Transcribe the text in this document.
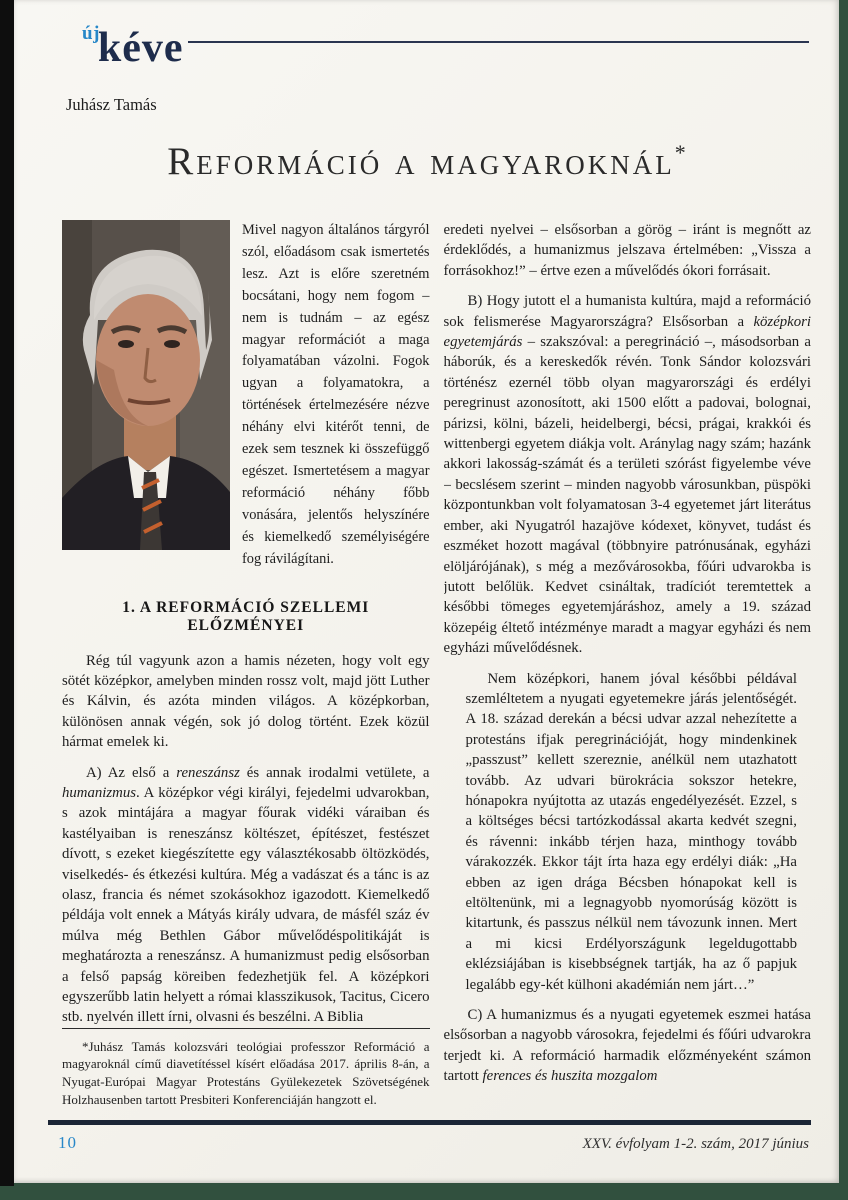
újkéve
Juhász Tamás
Reformáció a magyaroknál*

Mivel nagyon általános tárgyról szól, előadásom csak ismertetés lesz. Azt is előre szeretném bocsátani, hogy nem fogom – nem is tudnám – az egész magyar reformációt a maga folyamatában vázolni. Fogok ugyan a folyamatokra, a történések értelmezésére nézve néhány elvi kitérőt tenni, de ezek sem tesznek ki összefüggő egészet. Ismertetésem a magyar reformáció néhány főbb vonására, jelentős helyszínére és kiemelkedő személyiségére fog rávilágítani.

1. A REFORMÁCIÓ SZELLEMI ELŐZMÉNYEI

Rég túl vagyunk azon a hamis nézeten, hogy volt egy sötét középkor, amelyben minden rossz volt, majd jött Luther és Kálvin, és azóta minden világos. A középkorban, különösen annak végén, sok jó dolog történt. Ezek közül hármat emelek ki.

A) Az első a reneszánsz és annak irodalmi vetülete, a humanizmus. A középkor végi királyi, fejedelmi udvarokban, s azok mintájára a magyar főurak vidéki váraiban és kastélyaiban is reneszánsz költészet, építészet, festészet dívott, s ezeket kiegészítette egy választékosabb öltözködés, viselkedés- és étkezési kultúra. Még a vadászat és a tánc is az olasz, francia és német szokásokhoz igazodott. Kiemelkedő példája volt ennek a Mátyás király udvara, de másfél száz év múlva még Bethlen Gábor művelődéspolitikáját is meghatározta a reneszánsz. A humanizmust pedig elsősorban a felső papság köreiben fedezhetjük fel. A középkori egyszerűbb latin helyett a római klasszikusok, Tacitus, Cicero stb. nyelvén illett írni, olvasni és beszélni. A Biblia

*Juhász Tamás kolozsvári teológiai professzor Reformáció a magyaroknál című diavetítéssel kísért előadása 2017. április 8-án, a Nyugat-Európai Magyar Protestáns Gyülekezetek Szövetségének Holzhausenben tartott Presbiteri Konferenciáján hangzott el.

eredeti nyelvei – elsősorban a görög – iránt is megnőtt az érdeklődés, a humanizmus jelszava értelmében: „Vissza a forrásokhoz!” – értve ezen a művelődés ókori forrásait.

B) Hogy jutott el a humanista kultúra, majd a reformáció sok felismerése Magyarországra? Elsősorban a középkori egyetemjárás – szakszóval: a peregrináció –, másodsorban a háborúk, és a kereskedők révén. Tonk Sándor kolozsvári történész ezernél több olyan magyarországi és erdélyi peregrinust azonosított, aki 1500 előtt a padovai, bolognai, párizsi, kölni, bázeli, heidelbergi, bécsi, prágai, krakkói és wittenbergi egyetem diákja volt. Aránylag nagy szám; hazánk akkori lakosság-számát és a területi szórást figyelembe véve – becslésem szerint – minden nagyobb városunkban, püspöki központunkban volt folyamatosan 3-4 egyetemet járt literátus ember, aki Nyugatról hazajöve kódexet, könyvet, tudást és eszméket hozott magával (többnyire patrónusának, egyházi elöljárójának), s még a mezővárosokba, főúri udvarokba is jutott belőlük. Kedvet csináltak, tradíciót teremtettek a későbbi tömeges egyetemjáráshoz, amely a 19. század közepéig éltető intézménye maradt a magyar egyházi és nem egyházi művelődésnek.

Nem középkori, hanem jóval későbbi példával szemléltetem a nyugati egyetemekre járás jelentőségét. A 18. század derekán a bécsi udvar azzal nehezítette a protestáns ifjak peregrinációját, hogy mindenkinek „passzust” kellett szereznie, anélkül nem utazhatott tovább. Az udvari bürokrácia sokszor hetekre, hónapokra nyújtotta az utazás engedélyezését. Ezzel, s a költséges bécsi tartózkodással akarta kedvét szegni, és rávenni: inkább térjen haza, minthogy tovább várakozzék. Ekkor tájt írta haza egy erdélyi diák: „Ha ebben az igen drága Bécsben hónapokat kell is eltöltenünk, mi a legnagyobb nyomorúság között is kitartunk, és passzus nélkül nem távozunk innen. Mert a mi kicsi Erdélyországunk legeldugottabb eklézsiájában is kisebbségnek tartják, ha az ő papjuk legalább egy-két külhoni akadémián nem járt…”

C) A humanizmus és a nyugati egyetemek eszmei hatása elsősorban a nagyobb városokra, fejedelmi és főúri udvarokra terjedt ki. A reformáció harmadik előzményeként számon tartott ferences és huszita mozgalom

10	XXV. évfolyam 1-2. szám, 2017 június
